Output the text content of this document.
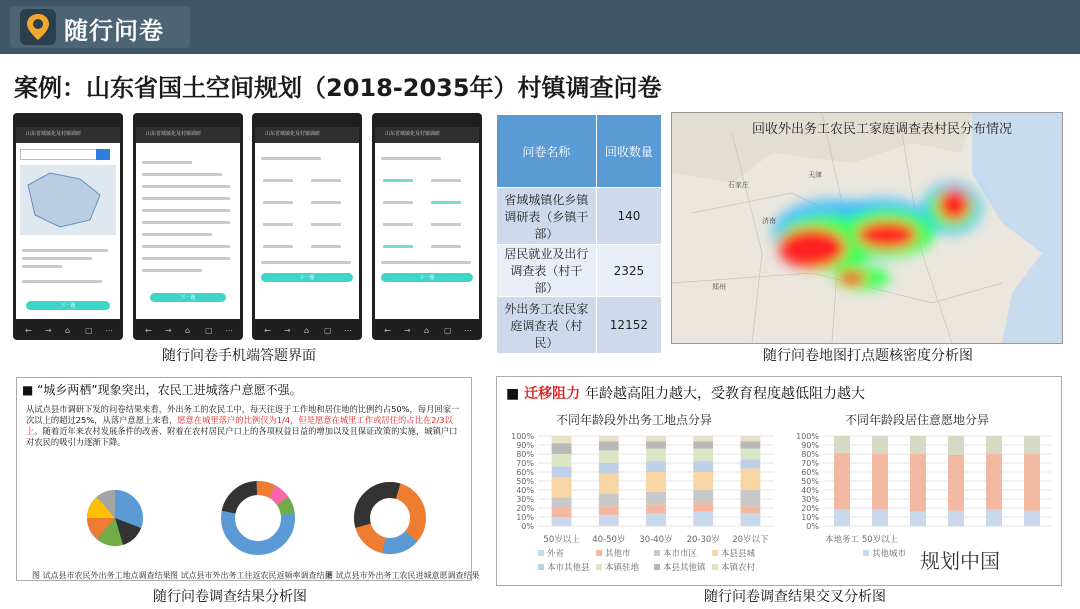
随行问卷
案例：山东省国土空间规划（2018-2035年）村镇调查问卷
山东省城镇化及村镇调研
下一题
← → ⌂ ▢ ⋯
山东省城镇化及村镇调研
下一题
← → ⌂ ▢ ⋯
山东省城镇化及村镇调研
下一题
← → ⌂ ▢ ⋯
山东省城镇化及村镇调研
下一题
← → ⌂ ▢ ⋯
随行问卷手机端答题界面
问卷名称	回收数量
省域城镇化乡镇调研表（乡镇干部）	140
居民就业及出行调查表（村干部）	2325
外出务工农民家庭调查表（村民）	12152
天津
石家庄
济南
郑州
回收外出务工农民工家庭调查表村民分布情况
随行问卷地图打点题核密度分析图
■ “城乡两栖”现象突出，农民工进城落户意愿不强。
从试点县市调研下发的问卷结果来看，外出务工的农民工中，每天往返于工作地和居住地的比例约占50%，每月回家一次以上的超过25%，从落户意愿上来看，愿意在城里落户的比例仅为1/4，但是愿意在城里工作或居住的占比在2/3以上。随着近年来农村发展条件的改善、附着在农村居民户口上的各项权益日益的增加以及且保证改策的实施，城镇户口对农民的吸引力逐渐下降。
图 试点县市农民外出务工地点调查结果 图 试点县市外出务工往返农民返频率调查结果
图 试点县市外出务工农民进城意愿调查结果
随行问卷调查结果分析图
■ 迁移阻力 年龄越高阻力越大，受教育程度越低阻力越大
不同年龄段外出务工地点分异	不同年龄段居住意愿地分异
0%
10%
20%
30%
40%
50%
60%
70%
80%
90%
100%
50岁以上 40-50岁 30-40岁 20-30岁 20岁以下
外省	其他市	本市市区	本县县城
本市其他县 本镇驻地	本县其他镇 本镇农村
0%
10%
20%
30%
40%
50%
60%
70%
80%
90%
100%
本地务工 50岁以上
其他城市
随行问卷调查结果交叉分析图
规划中国
